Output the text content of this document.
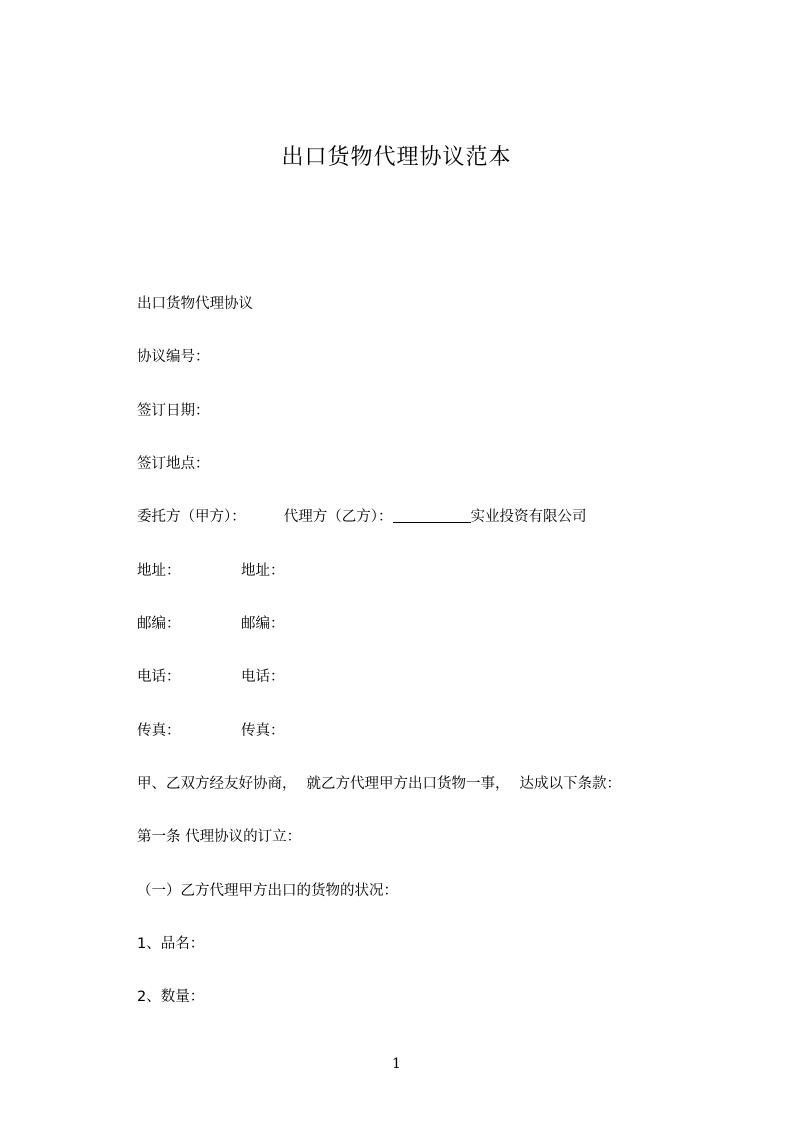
出口货物代理协议范本
出口货物代理协议
协议编号：
签订日期：
签订地点：
委托方（甲方）：	代理方（乙方）：	实业投资有限公司
地址：	地址：
邮编：	邮编：
电话：	电话：
传真：	传真：
甲、乙双方经友好协商， 就乙方代理甲方出口货物一事， 达成以下条款：
第一条 代理协议的订立：
（一）乙方代理甲方出口的货物的状况：
1、品名：
2、数量：
1
